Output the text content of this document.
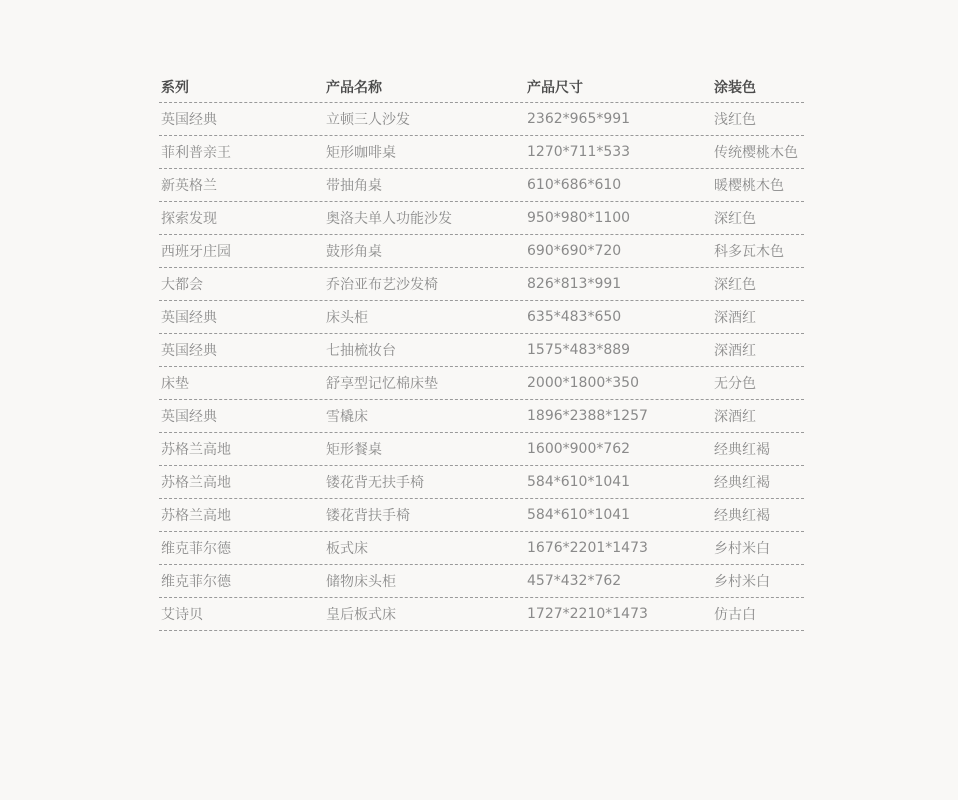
系列	产品名称	产品尺寸	涂装色
英国经典	立顿三人沙发	2362*965*991	浅红色
菲利普亲王	矩形咖啡桌	1270*711*533	传统樱桃木色
新英格兰	带抽角桌	610*686*610	暖樱桃木色
探索发现	奥洛夫单人功能沙发	950*980*1100	深红色
西班牙庄园	鼓形角桌	690*690*720	科多瓦木色
大都会	乔治亚布艺沙发椅	826*813*991	深红色
英国经典	床头柜	635*483*650	深酒红
英国经典	七抽梳妆台	1575*483*889	深酒红
床垫	舒享型记忆棉床垫	2000*1800*350	无分色
英国经典	雪橇床	1896*2388*1257	深酒红
苏格兰高地	矩形餐桌	1600*900*762	经典红褐
苏格兰高地	镂花背无扶手椅	584*610*1041	经典红褐
苏格兰高地	镂花背扶手椅	584*610*1041	经典红褐
维克菲尔德	板式床	1676*2201*1473	乡村米白
维克菲尔德	储物床头柜	457*432*762	乡村米白
艾诗贝	皇后板式床	1727*2210*1473	仿古白
